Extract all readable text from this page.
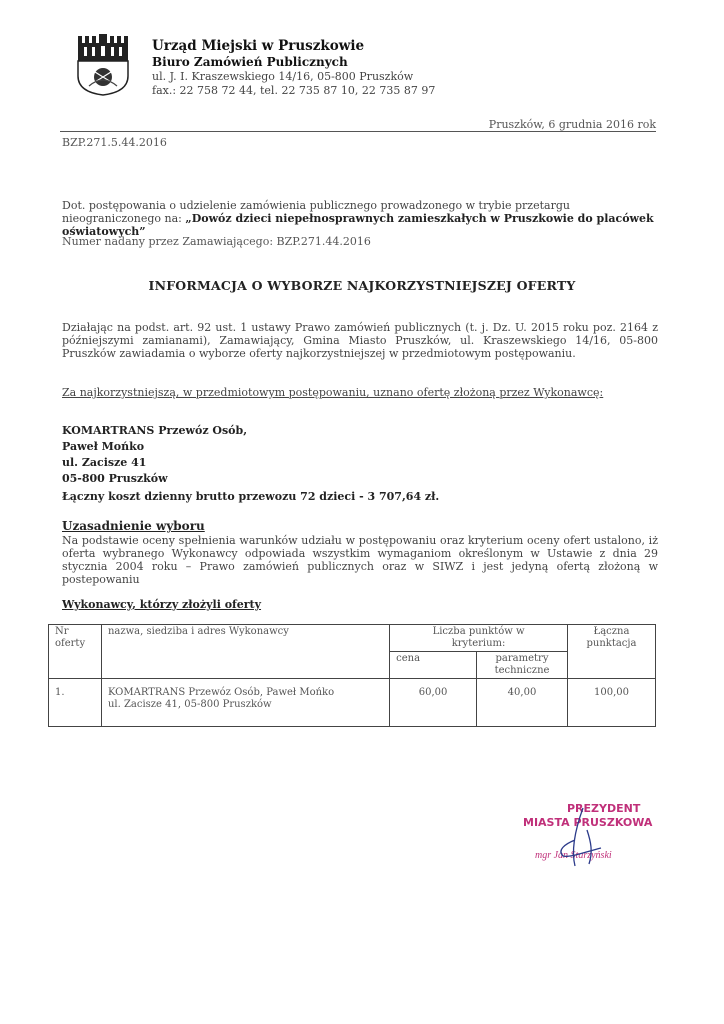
Urząd Miejski w Pruszkowie
Biuro Zamówień Publicznych
ul. J. I. Kraszewskiego 14/16, 05-800 Pruszków
fax.: 22 758 72 44, tel. 22 735 87 10, 22 735 87 97
Pruszków, 6 grudnia 2016 rok
BZP.271.5.44.2016
Dot. postępowania o udzielenie zamówienia publicznego prowadzonego w trybie przetargu nieograniczonego na: „Dowóz dzieci niepełnosprawnych zamieszkałych w Pruszkowie do placówek oświatowych”
Numer nadany przez Zamawiającego: BZP.271.44.2016
INFORMACJA O WYBORZE NAJKORZYSTNIEJSZEJ OFERTY
Działając na podst. art. 92 ust. 1 ustawy Prawo zamówień publicznych (t. j. Dz. U. 2015 roku poz. 2164 z późniejszymi zamianami), Zamawiający, Gmina Miasto Pruszków, ul. Kraszewskiego 14/16, 05-800 Pruszków zawiadamia o wyborze oferty najkorzystniejszej w przedmiotowym postępowaniu.
Za najkorzystniejszą, w przedmiotowym postępowaniu, uznano ofertę złożoną przez Wykonawcę:
KOMARTRANS Przewóz Osób,
Paweł Mońko
ul. Zacisze 41
05-800 Pruszków
Łączny koszt dzienny brutto przewozu 72 dzieci - 3 707,64 zł.
Uzasadnienie wyboru
Na podstawie oceny spełnienia warunków udziału w postępowaniu oraz kryterium oceny ofert ustalono, iż oferta wybranego Wykonawcy odpowiada wszystkim wymaganiom określonym w Ustawie z dnia 29 stycznia 2004 roku – Prawo zamówień publicznych oraz w SIWZ i jest jedyną ofertą złożoną w postepowaniu
Wykonawcy, którzy złożyli oferty
Nr oferty	nazwa, siedziba i adres Wykonawcy	Liczba punktów w kryterium:		Łączna punktacja
		cena	parametry techniczne	
1.	KOMARTRANS Przewóz Osób, Paweł Mońko
ul. Zacisze 41, 05-800 Pruszków	60,00	40,00	100,00
PREZYDENT
MIASTA PRUSZKOWA
mgr Jan Starzyński
